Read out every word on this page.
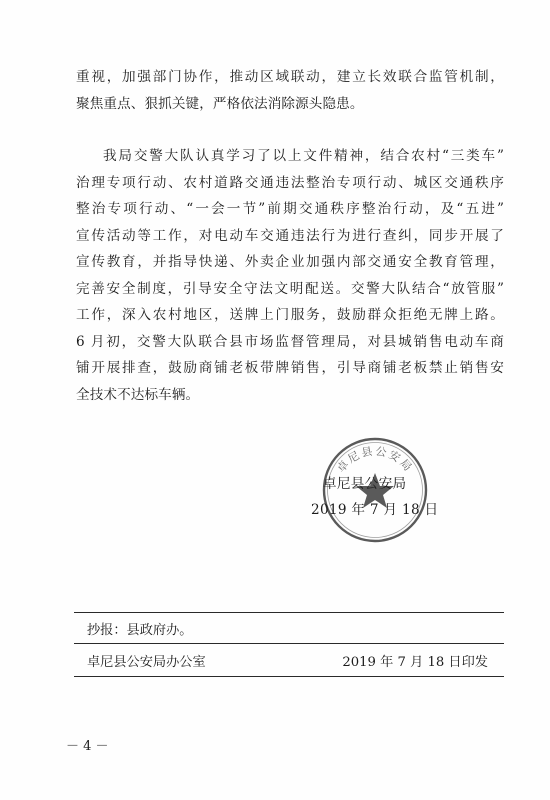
重视，加强部门协作，推动区域联动，建立长效联合监管机制，
聚焦重点、狠抓关键，严格依法消除源头隐患。

我局交警大队认真学习了以上文件精神，结合农村“三类车”
治理专项行动、农村道路交通违法整治专项行动、城区交通秩序
整治专项行动、“一会一节”前期交通秩序整治行动，及“五进”
宣传活动等工作，对电动车交通违法行为进行查纠，同步开展了
宣传教育，并指导快递、外卖企业加强内部交通安全教育管理，
完善安全制度，引导安全守法文明配送。交警大队结合“放管服”
工作，深入农村地区，送牌上门服务，鼓励群众拒绝无牌上路。
6 月初，交警大队联合县市场监督管理局，对县城销售电动车商
铺开展排查，鼓励商铺老板带牌销售，引导商铺老板禁止销售安
全技术不达标车辆。

卓尼县公安局
卓尼县公安局
2019 年 7 月 18 日
抄报：县政府办。
卓尼县公安局办公室	2019 年 7 月 18 日印发
－ 4 －
